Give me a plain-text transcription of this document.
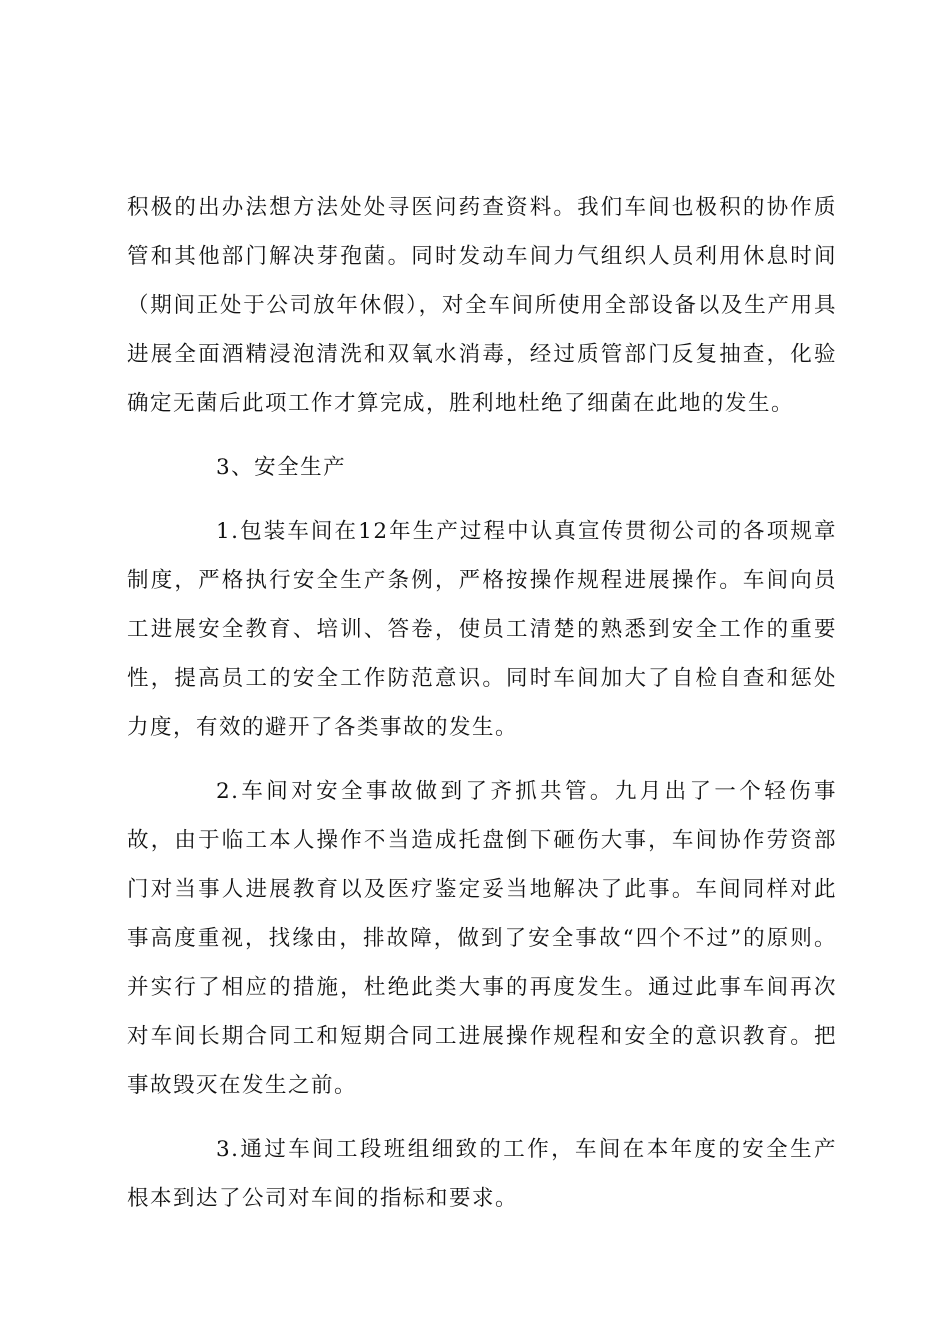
积极的出办法想方法处处寻医问药查资料。我们车间也极积的协作质管和其他部门解决芽孢菌。同时发动车间力气组织人员利用休息时间（期间正处于公司放年休假），对全车间所使用全部设备以及生产用具进展全面酒精浸泡清洗和双氧水消毒，经过质管部门反复抽查，化验确定无菌后此项工作才算完成，胜利地杜绝了细菌在此地的发生。

3、安全生产

1.包装车间在12年生产过程中认真宣传贯彻公司的各项规章制度，严格执行安全生产条例，严格按操作规程进展操作。车间向员工进展安全教育、培训、答卷，使员工清楚的熟悉到安全工作的重要性，提高员工的安全工作防范意识。同时车间加大了自检自查和惩处力度，有效的避开了各类事故的发生。

2.车间对安全事故做到了齐抓共管。九月出了一个轻伤事故，由于临工本人操作不当造成托盘倒下砸伤大事，车间协作劳资部门对当事人进展教育以及医疗鉴定妥当地解决了此事。车间同样对此事高度重视，找缘由，排故障，做到了安全事故“四个不过”的原则。并实行了相应的措施，杜绝此类大事的再度发生。通过此事车间再次对车间长期合同工和短期合同工进展操作规程和安全的意识教育。把事故毁灭在发生之前。

3.通过车间工段班组细致的工作，车间在本年度的安全生产根本到达了公司对车间的指标和要求。
